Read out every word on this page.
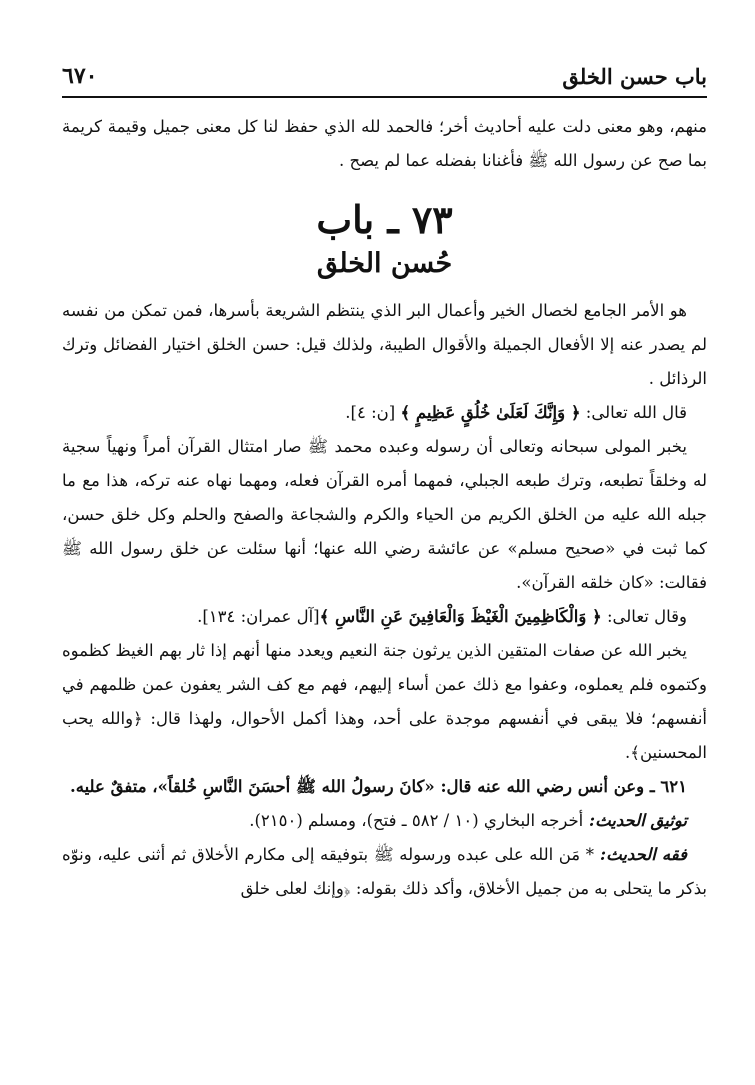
باب حسن الخلق
٦٧٠

منهم، وهو معنى دلت عليه أحاديث أخر؛ فالحمد لله الذي حفظ لنا كل معنى جميل وقيمة كريمة بما صح عن رسول الله ﷺ فأغنانا بفضله عما لم يصح .

٧٣ ـ باب
حُسن الخلق

هو الأمر الجامع لخصال الخير وأعمال البر الذي ينتظم الشريعة بأسرها، فمن تمكن من نفسه لم يصدر عنه إلا الأفعال الجميلة والأقوال الطيبة، ولذلك قيل: حسن الخلق اختيار الفضائل وترك الرذائل .

قال الله تعالى: ﴿ وَإِنَّكَ لَعَلَىٰ خُلُقٍ عَظِيمٍ ﴾ [ن: ٤].

يخبر المولى سبحانه وتعالى أن رسوله وعبده محمد ﷺ صار امتثال القرآن أمراً ونهياً سجية له وخلقاً تطبعه، وترك طبعه الجبلي، فمهما أمره القرآن فعله، ومهما نهاه عنه تركه، هذا مع ما جبله الله عليه من الخلق الكريم من الحياء والكرم والشجاعة والصفح والحلم وكل خلق حسن، كما ثبت في «صحيح مسلم» عن عائشة رضي الله عنها؛ أنها سئلت عن خلق رسول الله ﷺ فقالت: «كان خلقه القرآن».

وقال تعالى: ﴿ وَالْكَاظِمِينَ الْغَيْظَ وَالْعَافِينَ عَنِ النَّاسِ ﴾[آل عمران: ١٣٤].

يخبر الله عن صفات المتقين الذين يرثون جنة النعيم ويعدد منها أنهم إذا ثار بهم الغيظ كظموه وكتموه فلم يعملوه، وعفوا مع ذلك عمن أساء إليهم، فهم مع كف الشر يعفون عمن ظلمهم في أنفسهم؛ فلا يبقى في أنفسهم موجدة على أحد، وهذا أكمل الأحوال، ولهذا قال: ﴿والله يحب المحسنين﴾.

٦٢١ ـ وعن أنس رضي الله عنه قال: «كانَ رسولُ الله ﷺ أحسَنَ النَّاسِ خُلقاً»، متفقٌ عليه.

توثيق الحديث: أخرجه البخاري (١٠ / ٥٨٢ ـ فتح)، ومسلم (٢١٥٠).

فقه الحديث: * مَن الله على عبده ورسوله ﷺ بتوفيقه إلى مكارم الأخلاق ثم أثنى عليه، ونوّه بذكر ما يتحلى به من جميل الأخلاق، وأكد ذلك بقوله: ﴿وإنك لعلى خلق
